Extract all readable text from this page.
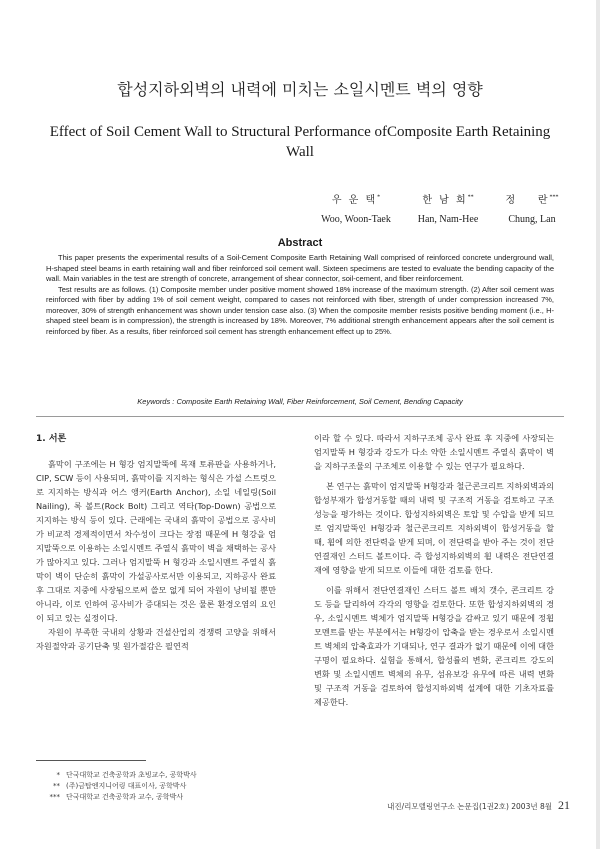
합성지하외벽의 내력에 미치는 소일시멘트 벽의 영향
Effect of Soil Cement Wall to Structural Performance ofComposite Earth Retaining Wall
우 운 택*
Woo, Woon-Taek
한 남 희**
Han, Nam-Hee
정    란***
Chung, Lan
Abstract

This paper presents the experimental results of a Soil-Cement Composite Earth Retaining Wall comprised of reinforced concrete underground wall, H-shaped steel beams in earth retaining wall and fiber reinforced soil cement wall. Sixteen specimens are tested to evaluate the bending capacity of the wall. Main variables in the test are strength of concrete, arrangement of shear connector, soil-cement, and fiber reinforcement.

Test results are as follows. (1) Composite member under positive moment showed 18% increase of the maximum strength. (2) After soil cement was reinforced with fiber by adding 1% of soil cement weight, compared to cases not reinforced with fiber, strength of under compression increased 7%, moreover, 30% of strength enhancement was shown under tension case also. (3) When the composite member resists positive bending moment (i.e., H-shaped steel beam is in compression), the strength is increased by 18%. Moreover, 7% additional strength enhancement appears after the soil cement is reinforced by fiber. As a results, fiber reinforced soil cement has strength enhancement effect up to 25%.

Keywords : Composite Earth Retaining Wall, Fiber Reinforcement, Soil Cement, Bending Capacity
1. 서론

흙막이 구조에는 H 형강 엄지말뚝에 목재 토류판을 사용하거나, CIP, SCW 등이 사용되며, 흙막이를 지지하는 형식은 가설 스트럿으로 지지하는 방식과 어스 앵커(Earth Anchor), 소일 네일링(Soil Nailing), 록 볼트(Rock Bolt) 그리고 역타(Top-Down) 공법으로 지지하는 방식 등이 있다. 근래에는 국내의 흙막이 공법으로 공사비가 비교적 경제적이면서 차수성이 크다는 장점 때문에 H 형강을 엄지말뚝으로 이용하는 소일시멘트 주열식 흙막이 벽을 채택하는 공사가 많아지고 있다. 그러나 엄지말뚝 H 형강과 소일시멘트 주열식 흙막이 벽이 단순히 흙막이 가설공사로서만 이용되고, 지하공사 완료 후 그대로 지중에 사장됨으로써 쓸모 없게 되어 자원이 낭비될 뿐만 아니라, 이로 인하여 공사비가 증대되는 것은 물론 환경오염의 요인이 되고 있는 실정이다.

자원이 부족한 국내의 상황과 건설산업의 경쟁력 고양을 위해서 자원절약과 공기단축 및 원가절감은 필연적

이라 할 수 있다. 따라서 지하구조체 공사 완료 후 지중에 사장되는 엄지말뚝 H 형강과 강도가 다소 약한 소일시멘트 주열식 흙막이 벽을 지하구조물의 구조체로 이용할 수 있는 연구가 필요하다.

본 연구는 흙막이 엄지말뚝 H형강과 철근콘크리트 지하외벽과의 합성부재가 합성거동할 때의 내력 및 구조적 거동을 검토하고 구조성능을 평가하는 것이다. 합성지하외벽은 토압 및 수압을 받게 되므로 엄지말뚝인 H형강과 철근콘크리트 지하외벽이 합성거동을 할 때, 휨에 의한 전단력을 받게 되며, 이 전단력을 받아 주는 것이 전단연결재인 스터드 볼트이다. 즉 합성지하외벽의 휨 내력은 전단연결재에 영향을 받게 되므로 이들에 대한 검토를 한다.

이를 위해서 전단연결재인 스터드 볼트 배치 갯수, 콘크리트 강도 등을 달리하여 각각의 영향을 검토한다. 또한 합성지하외벽의 경우, 소일시멘트 벽체가 엄지말뚝 H형강을 감싸고 있기 때문에 정휨모멘트를 받는 부분에서는 H형강이 압축을 받는 경우로서 소일시멘트 벽체의 압축효과가 기대되나, 연구 결과가 없기 때문에 이에 대한 구명이 필요하다. 실험을 통해서, 합성률의 변화, 콘크리트 강도의 변화 및 소일시멘트 벽체의 유무, 섬유보강 유무에 따른 내력 변화 및 구조적 거동을 검토하여 합성지하외벽 설계에 대한 기초자료를 제공한다.

* 단국대학교 건축공학과 초빙교수, 공학박사
** (주)금탑엔지니어링 대표이사, 공학박사
*** 단국대학교 건축공학과 교수, 공학박사
내진/리모델링연구소 논문집(1권2호) 2003년 8월 21
